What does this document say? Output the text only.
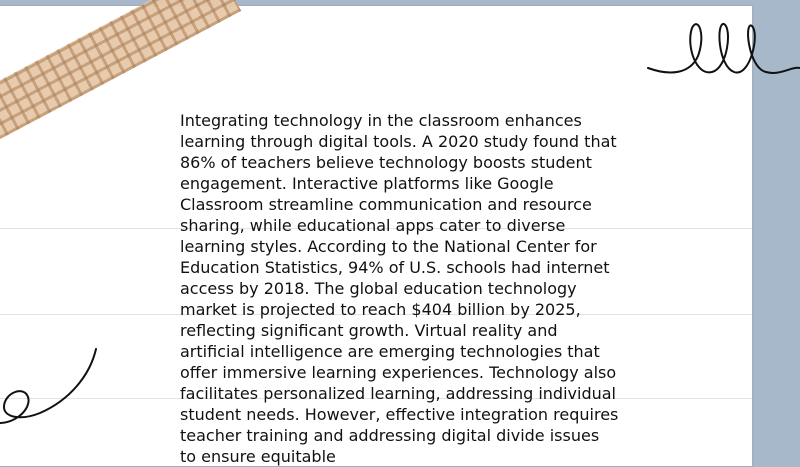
Integrating technology in the classroom enhances learning through digital tools. A 2020 study found that 86% of teachers believe technology boosts student engagement. Interactive platforms like Google Classroom streamline communication and resource sharing, while educational apps cater to diverse learning styles. According to the National Center for Education Statistics, 94% of U.S. schools had internet access by 2018. The global education technology market is projected to reach $404 billion by 2025, reflecting significant growth. Virtual reality and artificial intelligence are emerging technologies that offer immersive learning experiences. Technology also facilitates personalized learning, addressing individual student needs. However, effective integration requires teacher training and addressing digital divide issues to ensure equitable
